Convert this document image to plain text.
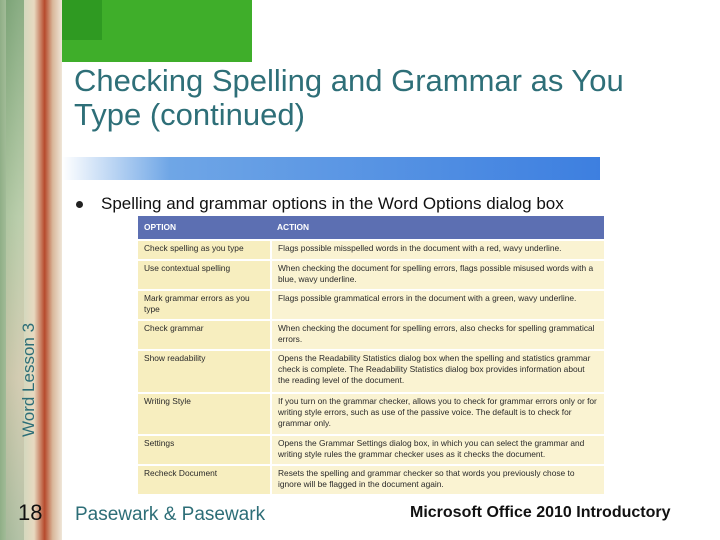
Checking Spelling and Grammar as You Type (continued)
Spelling and grammar options in the Word Options dialog box
OPTION	ACTION
Check spelling as you type	Flags possible misspelled words in the document with a red, wavy underline.
Use contextual spelling	When checking the document for spelling errors, flags possible misused words with a blue, wavy underline.
Mark grammar errors as you type	Flags possible grammatical errors in the document with a green, wavy underline.
Check grammar	When checking the document for spelling errors, also checks for spelling grammatical errors.
Show readability	Opens the Readability Statistics dialog box when the spelling and statistics grammar check is complete. The Readability Statistics dialog box provides information about the reading level of the document.
Writing Style	If you turn on the grammar checker, allows you to check for grammar errors only or for writing style errors, such as use of the passive voice. The default is to check for grammar only.
Settings	Opens the Grammar Settings dialog box, in which you can select the grammar and writing style rules the grammar checker uses as it checks the document.
Recheck Document	Resets the spelling and grammar checker so that words you previously chose to ignore will be flagged in the document again.
Word Lesson 3
18 Pasewark & Pasewark	Microsoft Office 2010 Introductory
